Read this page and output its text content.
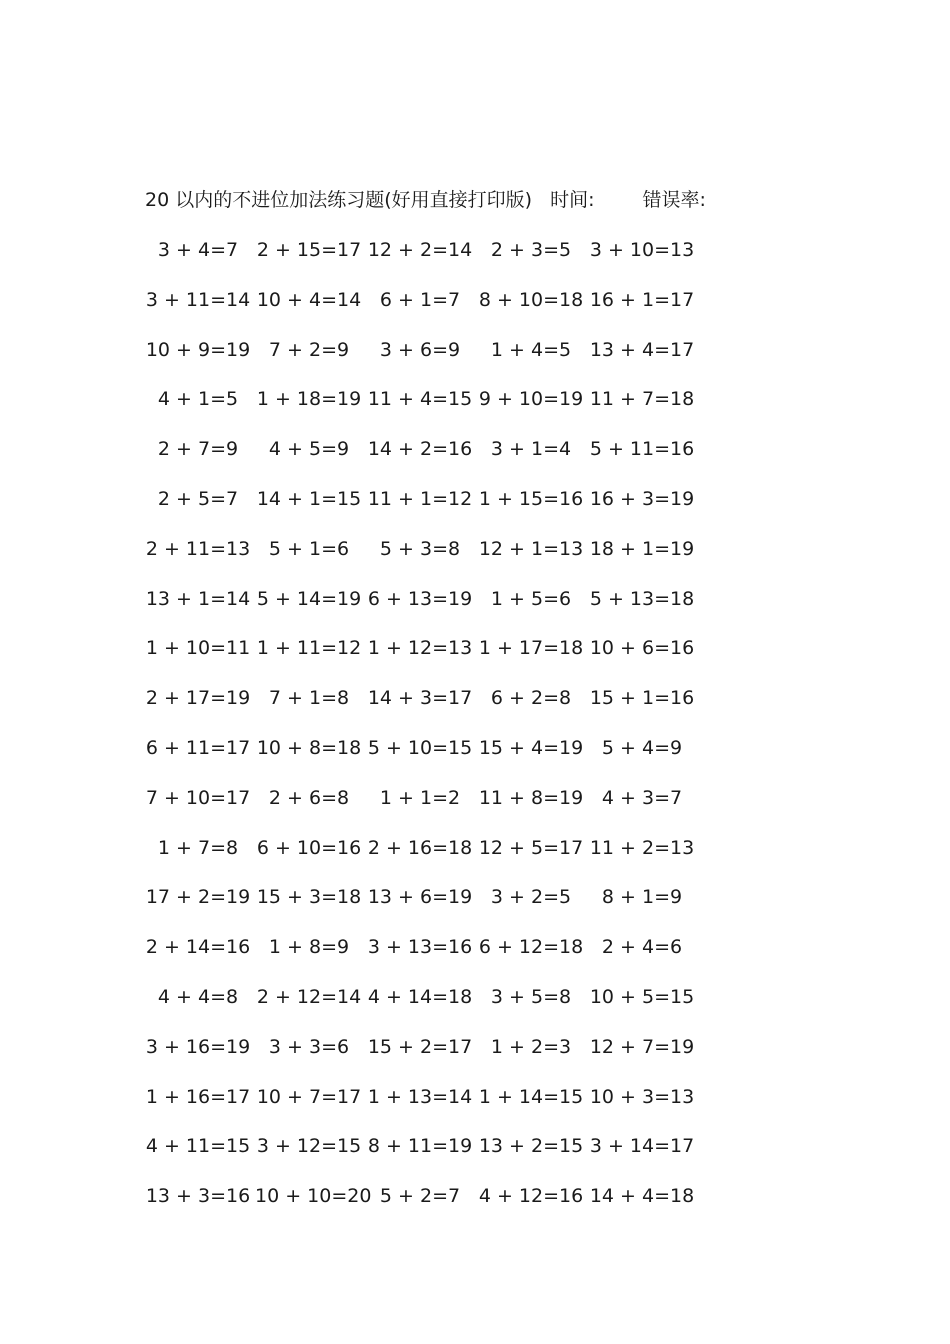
20 以内的不进位加法练习题(好用直接打印版) 时间:	错误率:
3 + 4=7 2 + 15=17 12 + 2=14 2 + 3=5 3 + 10=13
3 + 11=14 10 + 4=14 6 + 1=7 8 + 10=18 16 + 1=17
10 + 9=19 7 + 2=9	3 + 6=9	1 + 4=5 13 + 4=17
4 + 1=5 1 + 18=19 11 + 4=15 9 + 10=19 11 + 7=18
2 + 7=9	4 + 5=9 14 + 2=16 3 + 1=4 5 + 11=16
2 + 5=7 14 + 1=15 11 + 1=12 1 + 15=16 16 + 3=19
2 + 11=13 5 + 1=6	5 + 3=8 12 + 1=13 18 + 1=19
13 + 1=14 5 + 14=19 6 + 13=19 1 + 5=6 5 + 13=18
1 + 10=11 1 + 11=12 1 + 12=13 1 + 17=18 10 + 6=16
2 + 17=19 7 + 1=8 14 + 3=17 6 + 2=8 15 + 1=16
6 + 11=17 10 + 8=18 5 + 10=15 15 + 4=19 5 + 4=9
7 + 10=17 2 + 6=8	1 + 1=2 11 + 8=19 4 + 3=7
1 + 7=8 6 + 10=16 2 + 16=18 12 + 5=17 11 + 2=13
17 + 2=19 15 + 3=18 13 + 6=19 3 + 2=5	8 + 1=9
2 + 14=16 1 + 8=9 3 + 13=16 6 + 12=18 2 + 4=6
4 + 4=8 2 + 12=14 4 + 14=18 3 + 5=8 10 + 5=15
3 + 16=19 3 + 3=6 15 + 2=17 1 + 2=3 12 + 7=19
1 + 16=17 10 + 7=17 1 + 13=14 1 + 14=15 10 + 3=13
4 + 11=15 3 + 12=15 8 + 11=19 13 + 2=15 3 + 14=17
13 + 3=16 10 + 10=20 5 + 2=7 4 + 12=16 14 + 4=18
